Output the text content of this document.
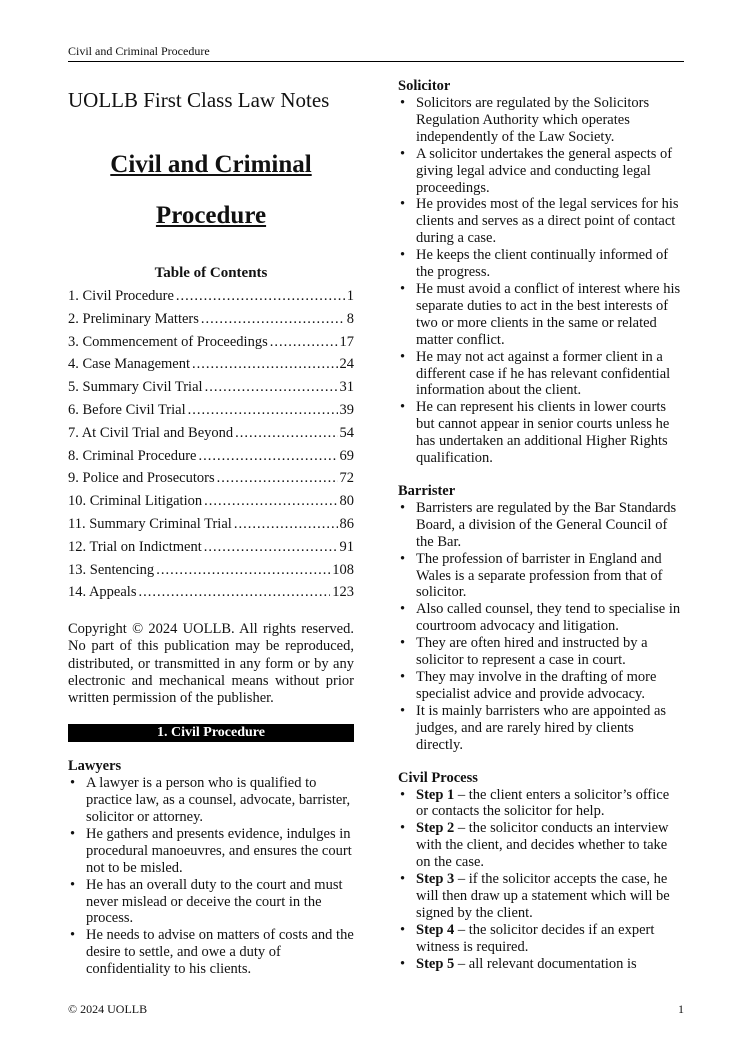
Civil and Criminal Procedure
UOLLB First Class Law Notes
Civil and Criminal
Procedure
Table of Contents
1. Civil Procedure .....	1
2. Preliminary Matters .....	8
3. Commencement of Proceedings .....	17
4. Case Management .....	24
5. Summary Civil Trial .....	31
6. Before Civil Trial .....	39
7. At Civil Trial and Beyond .....	54
8. Criminal Procedure .....	69
9. Police and Prosecutors .....	72
10. Criminal Litigation .....	80
11. Summary Criminal Trial .....	86
12. Trial on Indictment .....	91
13. Sentencing .....	108
14. Appeals .....	123
Copyright © 2024 UOLLB. All rights reserved. No part of this publication may be reproduced, distributed, or transmitted in any form or by any electronic and mechanical means without prior written permission of the publisher.
1. Civil Procedure
Lawyers
• A lawyer is a person who is qualified to practice law, as a counsel, advocate, barrister, solicitor or attorney.
• He gathers and presents evidence, indulges in procedural manoeuvres, and ensures the court not to be misled.
• He has an overall duty to the court and must never mislead or deceive the court in the process.
• He needs to advise on matters of costs and the desire to settle, and owe a duty of confidentiality to his clients.
Solicitor
• Solicitors are regulated by the Solicitors Regulation Authority which operates independently of the Law Society.
• A solicitor undertakes the general aspects of giving legal advice and conducting legal proceedings.
• He provides most of the legal services for his clients and serves as a direct point of contact during a case.
• He keeps the client continually informed of the progress.
• He must avoid a conflict of interest where his separate duties to act in the best interests of two or more clients in the same or related matter conflict.
• He may not act against a former client in a different case if he has relevant confidential information about the client.
• He can represent his clients in lower courts but cannot appear in senior courts unless he has undertaken an additional Higher Rights qualification.
Barrister
• Barristers are regulated by the Bar Standards Board, a division of the General Council of the Bar.
• The profession of barrister in England and Wales is a separate profession from that of solicitor.
• Also called counsel, they tend to specialise in courtroom advocacy and litigation.
• They are often hired and instructed by a solicitor to represent a case in court.
• They may involve in the drafting of more specialist advice and provide advocacy.
• It is mainly barristers who are appointed as judges, and are rarely hired by clients directly.
Civil Process
• Step 1 – the client enters a solicitor’s office or contacts the solicitor for help.
• Step 2 – the solicitor conducts an interview with the client, and decides whether to take on the case.
• Step 3 – if the solicitor accepts the case, he will then draw up a statement which will be signed by the client.
• Step 4 – the solicitor decides if an expert witness is required.
• Step 5 – all relevant documentation is
© 2024 UOLLB	1
